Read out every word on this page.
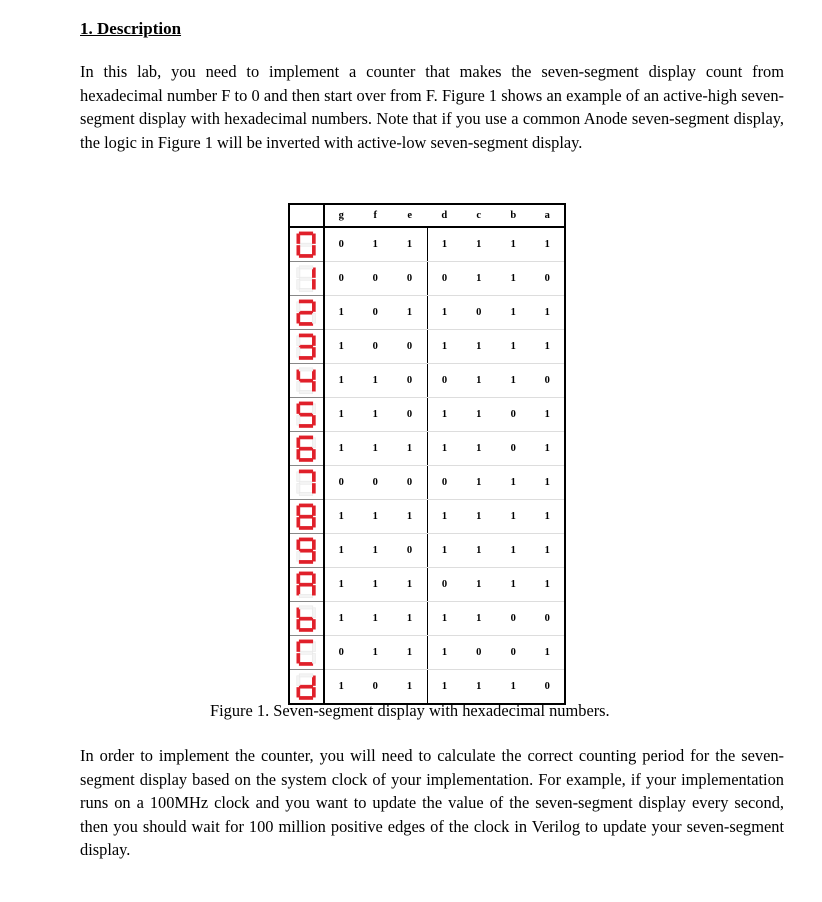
1. Description

In this lab, you need to implement a counter that makes the seven-segment display count from hexadecimal number F to 0 and then start over from F. Figure 1 shows an example of an active-high seven-segment display with hexadecimal numbers. Note that if you use a common Anode seven-segment display, the logic in Figure 1 will be inverted with active-low seven-segment display.

	g	f	e	d	c	b	a

	0	1	1	1	1	1	1

	0	0	0	0	1	1	0

	1	0	1	1	0	1	1

	1	0	0	1	1	1	1

	1	1	0	0	1	1	0

	1	1	0	1	1	0	1

	1	1	1	1	1	0	1

	0	0	0	0	1	1	1

	1	1	1	1	1	1	1

	1	1	0	1	1	1	1

	1	1	1	0	1	1	1

	1	1	1	1	1	0	0

	0	1	1	1	0	0	1

	1	0	1	1	1	1	0

Figure 1. Seven-segment display with hexadecimal numbers.

In order to implement the counter, you will need to calculate the correct counting period for the seven-segment display based on the system clock of your implementation. For example, if your implementation runs on a 100MHz clock and you want to update the value of the seven-segment display every second, then you should wait for 100 million positive edges of the clock in Verilog to update your seven-segment display.
